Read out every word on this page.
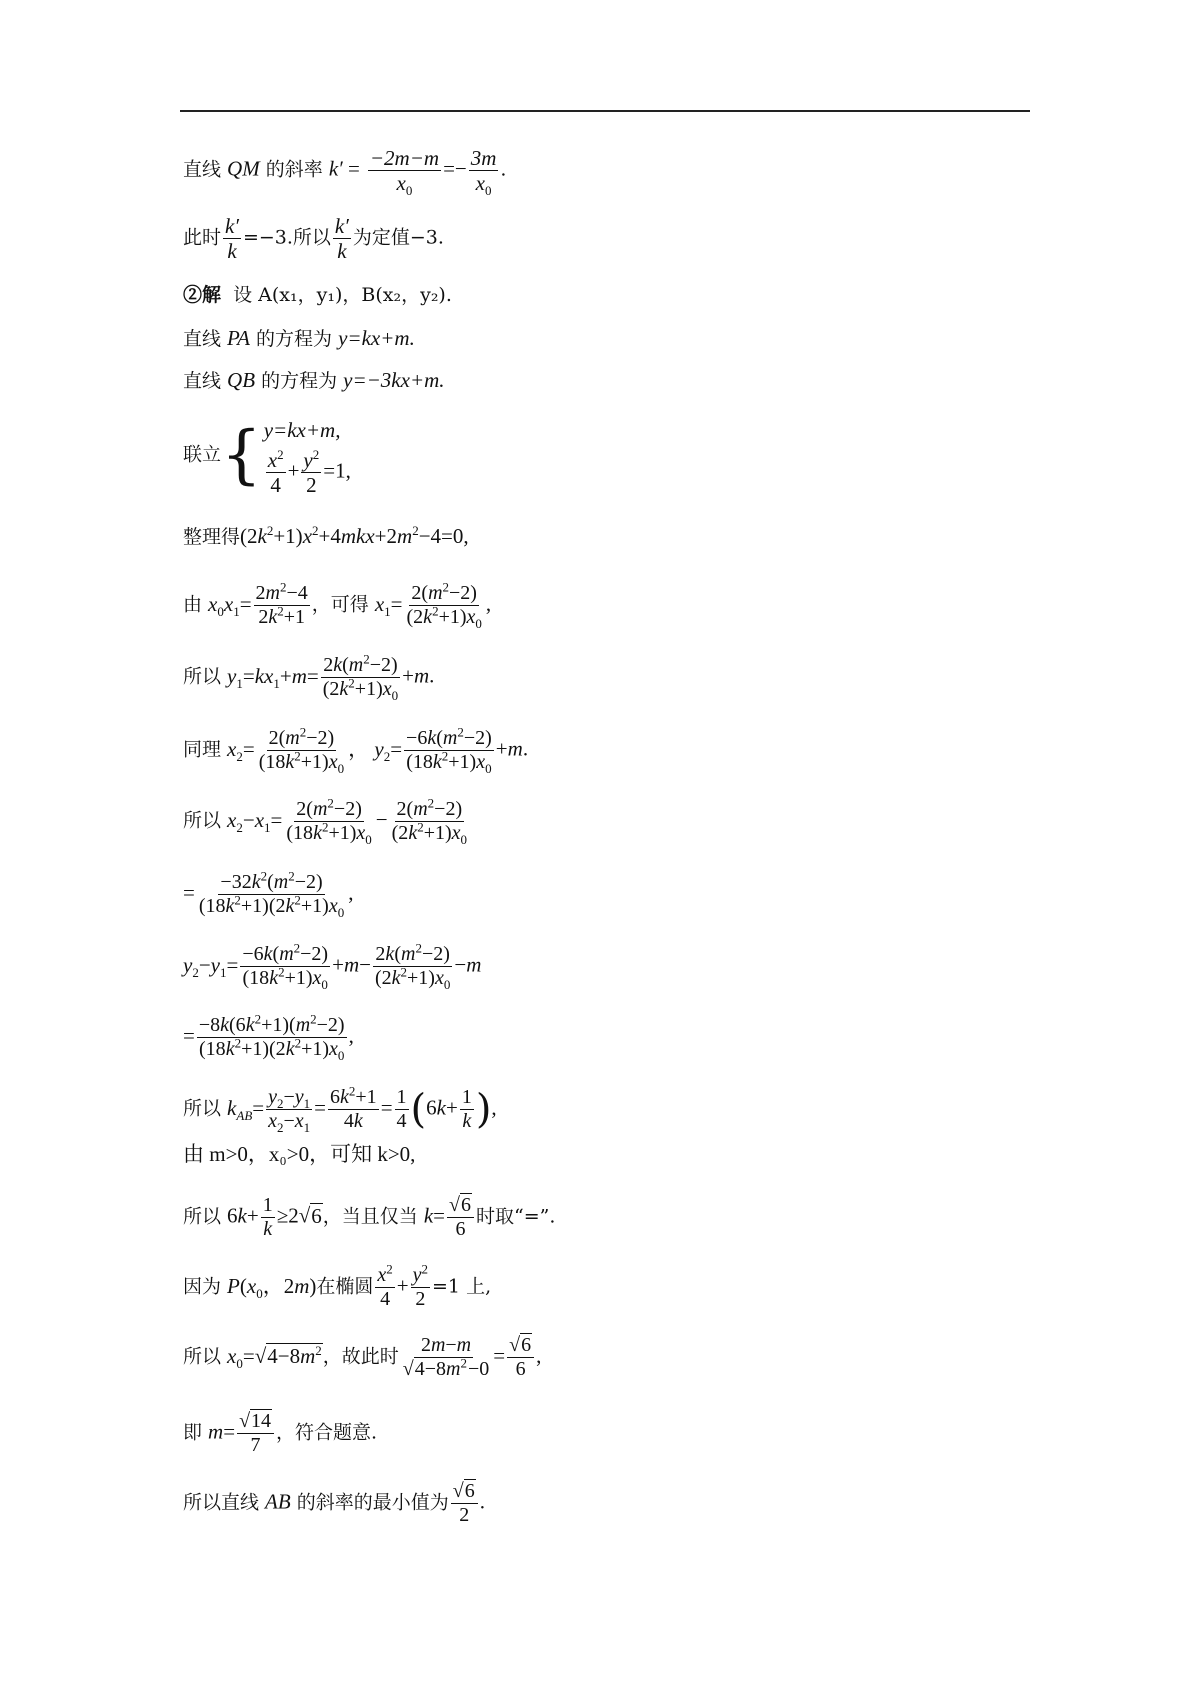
直线 QM 的斜率 $k' = \frac{-2m-m}{x_0} =- \frac{3m}{x_0}$ .
此时 $\frac{k'}{k} =-3$.所以 $\frac{k'}{k}$ 为定值−3.
②解 设 A(x₁，y₁)，B(x₂，y₂).
直线 PA 的方程为 y=kx+m.
直线 QB 的方程为 y=−3kx+m.
联立{ y=kx+m,
$\frac{x^2}{4} + \frac{y^2}{2} =1$,
整理得$(2k^2+1)x^2+4mkx+2m^2-4=0$,
由 $x_0x_1= \frac{2m^2-4}{2k^2+1}$ ，可得 $x_1= \frac{2(m^2-2)}{(2k^2+1)x_0}$ ,
所以 $y_1=kx_1+m= \frac{2k(m^2-2)}{(2k^2+1)x_0} +m$.
同理 $x_2= \frac{2(m^2-2)}{(18k^2+1)x_0}$ ， $y_2= \frac{-6k(m^2-2)}{(18k^2+1)x_0} +m$.
所以 $x_2-x_1= \frac{2(m^2-2)}{(18k^2+1)x_0} - \frac{2(m^2-2)}{(2k^2+1)x_0}$
= $\frac{-32k^2(m^2-2)}{(18k^2+1)(2k^2+1)x_0}$ ,
$y_2-y_1= \frac{-6k(m^2-2)}{(18k^2+1)x_0} +m- \frac{2k(m^2-2)}{(2k^2+1)x_0} -m$
= $\frac{-8k(6k^2+1)(m^2-2)}{(18k^2+1)(2k^2+1)x_0}$ ,
所以 $k_{AB}= \frac{y_2-y_1}{x_2-x_1} = \frac{6k^2+1}{4k} = \frac{1}{4} (6k+ \frac{1}{k}$ ),
由 m>0，x₀>0，可知 k>0,
所以 $6k+ \frac{1}{k} \ge 2√6$，当且仅当 $k= \frac{√6}{6}$ 时取“=”.
因为 $P(x_0$，2m)在椭圆 $\frac{x^2}{4} + \frac{y^2}{2} =1$ 上,
所以 $x_0=√4-8m^2$，故此时 $\frac{2m-m}{√4-8m^2-0} = \frac{√6}{6}$ ,
即 $m= \frac{√14}{7}$ ，符合题意.
所以直线 AB 的斜率的最小值为 $\frac{√6}{2}$ .
